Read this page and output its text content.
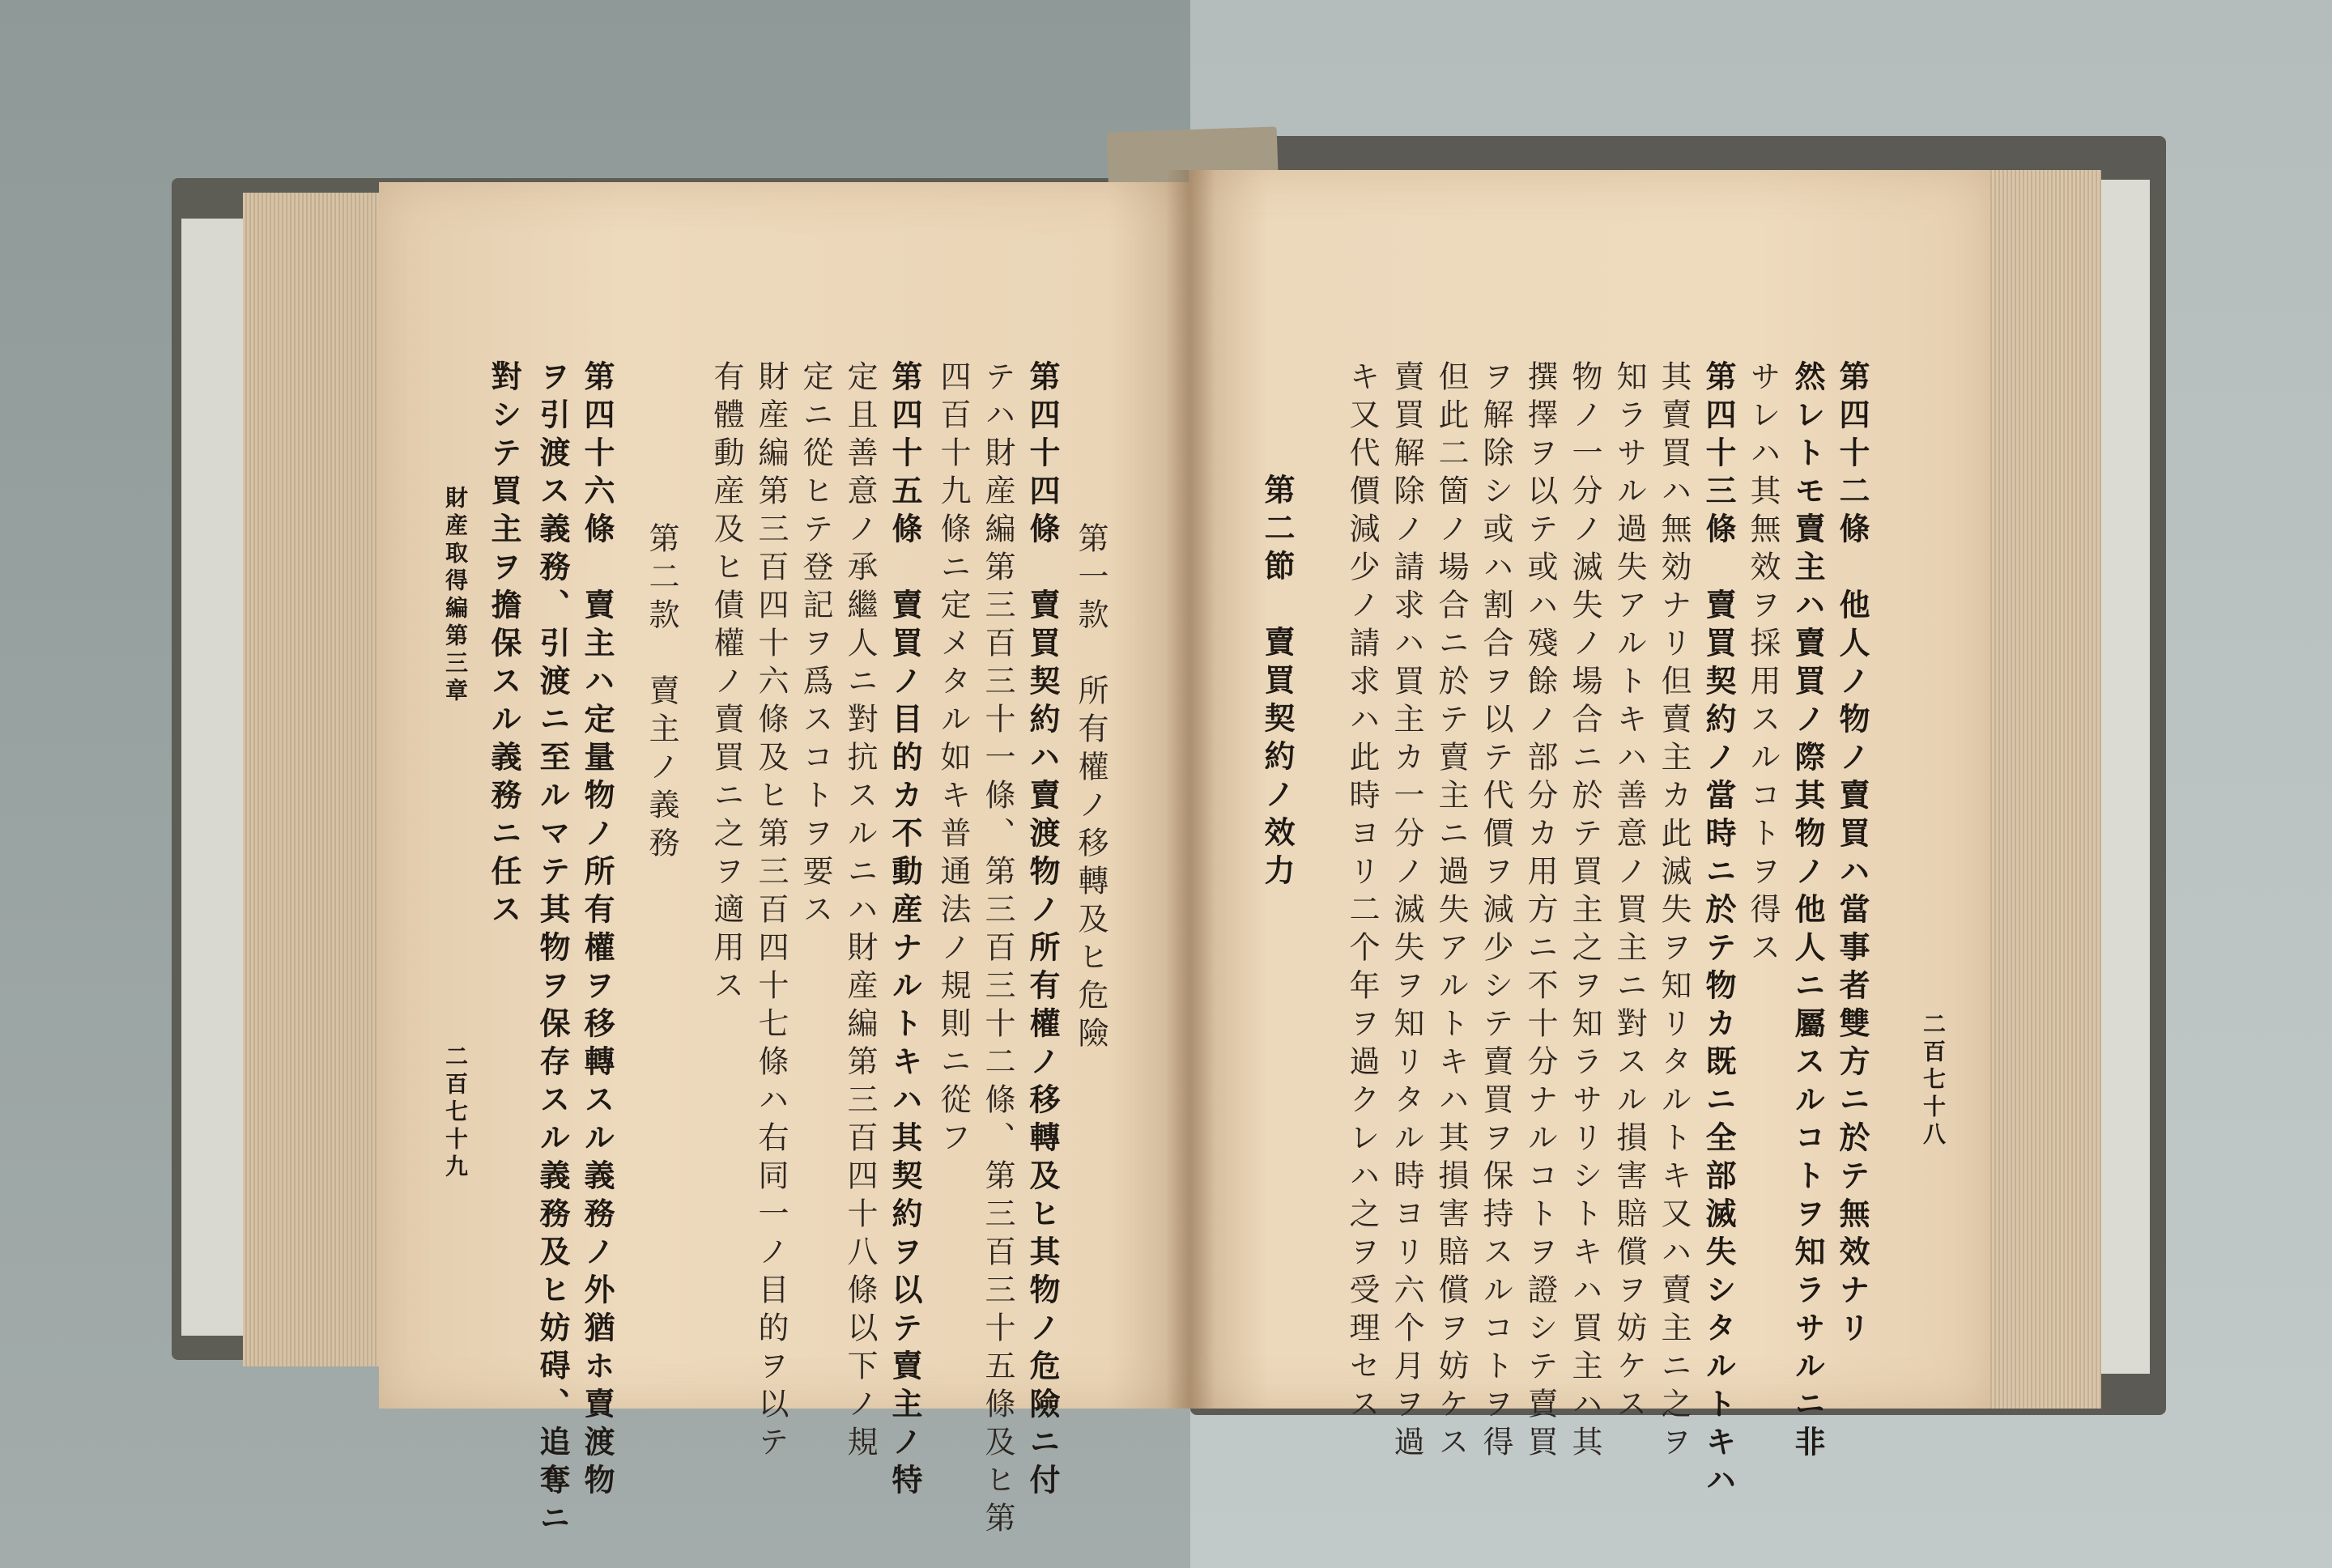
第四十二條　他人ノ物ノ賣買ハ當事者雙方ニ於テ無效ナリ
然レトモ賣主ハ賣買ノ際其物ノ他人ニ屬スルコトヲ知ラサルニ非
サレハ其無效ヲ採用スルコトヲ得ス
第四十三條　賣買契約ノ當時ニ於テ物カ既ニ全部滅失シタルトキハ
其賣買ハ無効ナリ但賣主カ此滅失ヲ知リタルトキ又ハ賣主ニ之ヲ
知ラサル過失アルトキハ善意ノ買主ニ對スル損害賠償ヲ妨ケス
物ノ一分ノ滅失ノ場合ニ於テ買主之ヲ知ラサリシトキハ買主ハ其
撰擇ヲ以テ或ハ殘餘ノ部分カ用方ニ不十分ナルコトヲ證シテ賣買
ヲ解除シ或ハ割合ヲ以テ代價ヲ減少シテ賣買ヲ保持スルコトヲ得
但此二箇ノ場合ニ於テ賣主ニ過失アルトキハ其損害賠償ヲ妨ケス
賣買解除ノ請求ハ買主カ一分ノ滅失ヲ知リタル時ヨリ六个月ヲ過
キ又代價減少ノ請求ハ此時ヨリ二个年ヲ過クレハ之ヲ受理セス
第二節　賣買契約ノ效力
二百七十八
第一款　所有權ノ移轉及ヒ危險
第四十四條　賣買契約ハ賣渡物ノ所有權ノ移轉及ヒ其物ノ危險ニ付
テハ財産編第三百三十一條、第三百三十二條、第三百三十五條及ヒ第
四百十九條ニ定メタル如キ普通法ノ規則ニ從フ
第四十五條　賣買ノ目的カ不動産ナルトキハ其契約ヲ以テ賣主ノ特
定且善意ノ承繼人ニ對抗スルニハ財産編第三百四十八條以下ノ規
定ニ從ヒテ登記ヲ爲スコトヲ要ス
財産編第三百四十六條及ヒ第三百四十七條ハ右同一ノ目的ヲ以テ
有體動産及ヒ債權ノ賣買ニ之ヲ適用ス
第二款　賣主ノ義務
第四十六條　賣主ハ定量物ノ所有權ヲ移轉スル義務ノ外猶ホ賣渡物
ヲ引渡ス義務、引渡ニ至ルマテ其物ヲ保存スル義務及ヒ妨碍、追奪ニ
對シテ買主ヲ擔保スル義務ニ任ス
財産取得編第三章
二百七十九
